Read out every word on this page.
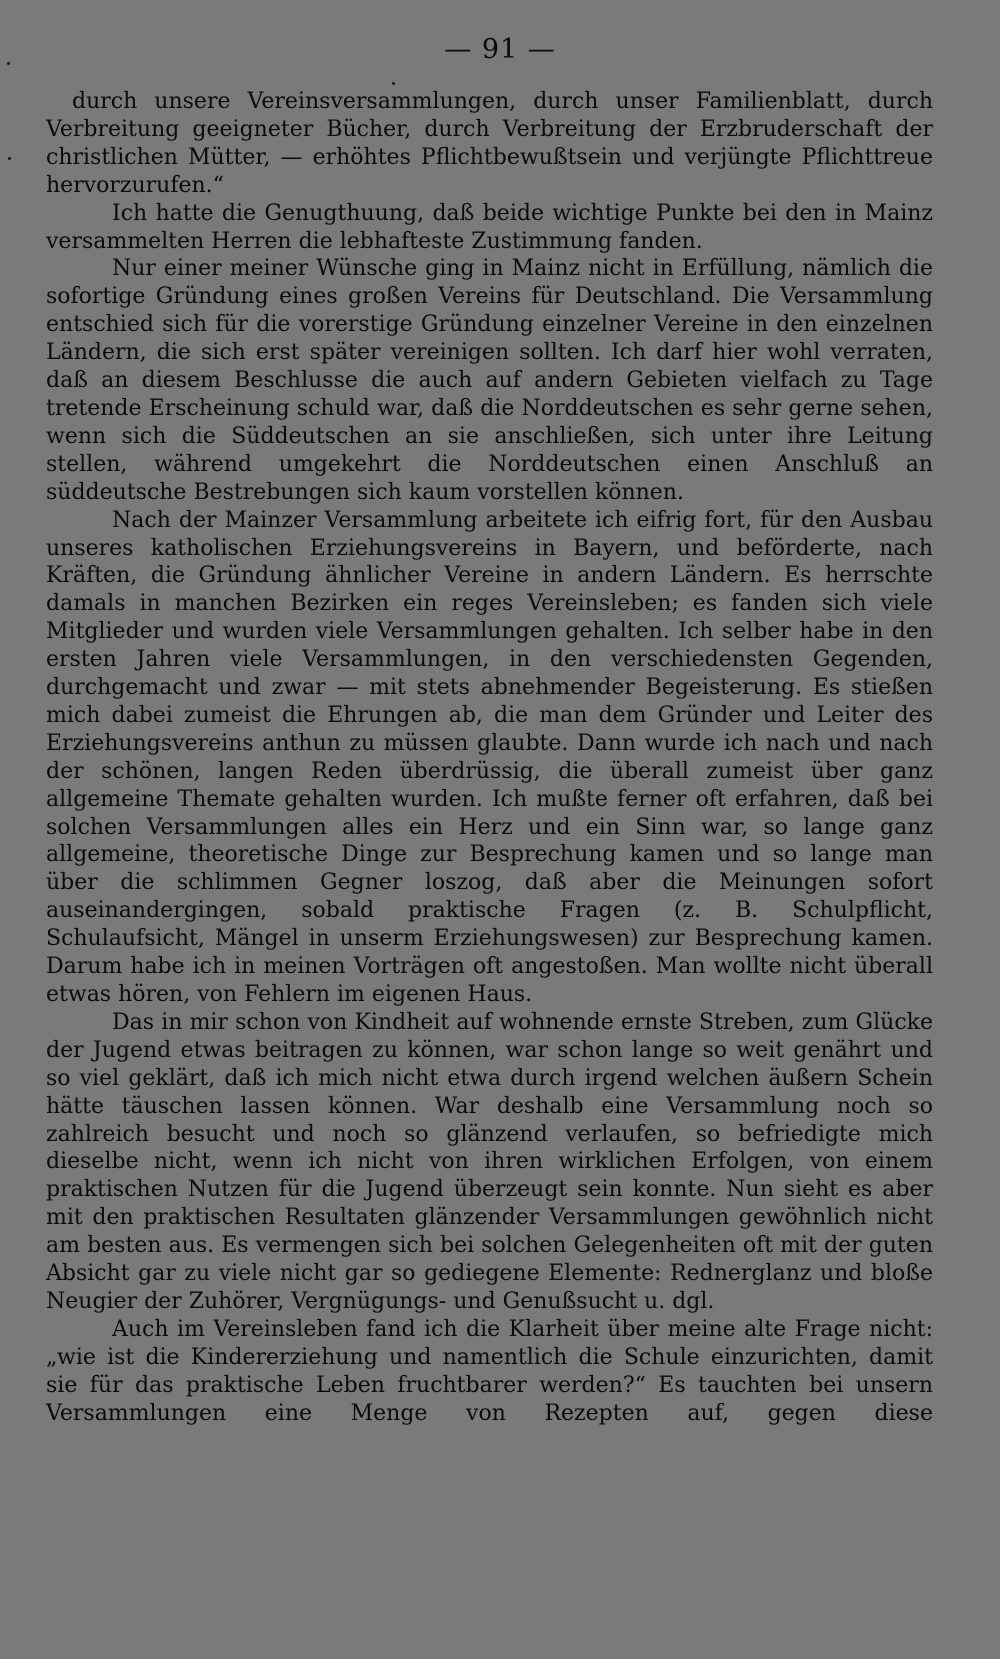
— 91 —

durch unsere Vereinsversammlungen, durch unser Familienblatt, durch Verbreitung geeigneter Bücher, durch Verbreitung der Erzbruderschaft der christlichen Mütter, — erhöhtes Pflichtbewußtsein und verjüngte Pflichttreue hervorzurufen.“

Ich hatte die Genugthuung, daß beide wichtige Punkte bei den in Mainz versammelten Herren die lebhafteste Zustimmung fanden.

Nur einer meiner Wünsche ging in Mainz nicht in Erfüllung, nämlich die sofortige Gründung eines großen Vereins für Deutschland. Die Versammlung entschied sich für die vorerstige Gründung einzelner Vereine in den einzelnen Ländern, die sich erst später vereinigen sollten. Ich darf hier wohl verraten, daß an diesem Beschlusse die auch auf andern Gebieten vielfach zu Tage tretende Erscheinung schuld war, daß die Norddeutschen es sehr gerne sehen, wenn sich die Süddeutschen an sie anschließen, sich unter ihre Leitung stellen, während umgekehrt die Norddeutschen einen Anschluß an süddeutsche Bestrebungen sich kaum vorstellen können.

Nach der Mainzer Versammlung arbeitete ich eifrig fort, für den Ausbau unseres katholischen Erziehungsvereins in Bayern, und beförderte, nach Kräften, die Gründung ähnlicher Vereine in andern Ländern. Es herrschte damals in manchen Bezirken ein reges Vereinsleben; es fanden sich viele Mitglieder und wurden viele Versammlungen gehalten. Ich selber habe in den ersten Jahren viele Versammlungen, in den verschiedensten Gegenden, durchgemacht und zwar — mit stets abnehmender Begeisterung. Es stießen mich dabei zumeist die Ehrungen ab, die man dem Gründer und Leiter des Erziehungsvereins anthun zu müssen glaubte. Dann wurde ich nach und nach der schönen, langen Reden überdrüssig, die überall zumeist über ganz allgemeine Themate gehalten wurden. Ich mußte ferner oft erfahren, daß bei solchen Versammlungen alles ein Herz und ein Sinn war, so lange ganz allgemeine, theoretische Dinge zur Besprechung kamen und so lange man über die schlimmen Gegner loszog, daß aber die Meinungen sofort auseinandergingen, sobald praktische Fragen (z. B. Schulpflicht, Schulaufsicht, Mängel in unserm Erziehungswesen) zur Besprechung kamen. Darum habe ich in meinen Vorträgen oft angestoßen. Man wollte nicht überall etwas hören, von Fehlern im eigenen Haus.

Das in mir schon von Kindheit auf wohnende ernste Streben, zum Glücke der Jugend etwas beitragen zu können, war schon lange so weit genährt und so viel geklärt, daß ich mich nicht etwa durch irgend welchen äußern Schein hätte täuschen lassen können. War deshalb eine Versammlung noch so zahlreich besucht und noch so glänzend verlaufen, so befriedigte mich dieselbe nicht, wenn ich nicht von ihren wirklichen Erfolgen, von einem praktischen Nutzen für die Jugend überzeugt sein konnte. Nun sieht es aber mit den praktischen Resultaten glänzender Versammlungen gewöhnlich nicht am besten aus. Es vermengen sich bei solchen Gelegenheiten oft mit der guten Absicht gar zu viele nicht gar so gediegene Elemente: Rednerglanz und bloße Neugier der Zuhörer, Vergnügungs- und Genußsucht u. dgl.

Auch im Vereinsleben fand ich die Klarheit über meine alte Frage nicht: „wie ist die Kindererziehung und namentlich die Schule einzurichten, damit sie für das praktische Leben fruchtbarer werden?“ Es tauchten bei unsern Versammlungen eine Menge von Rezepten auf, gegen diese
